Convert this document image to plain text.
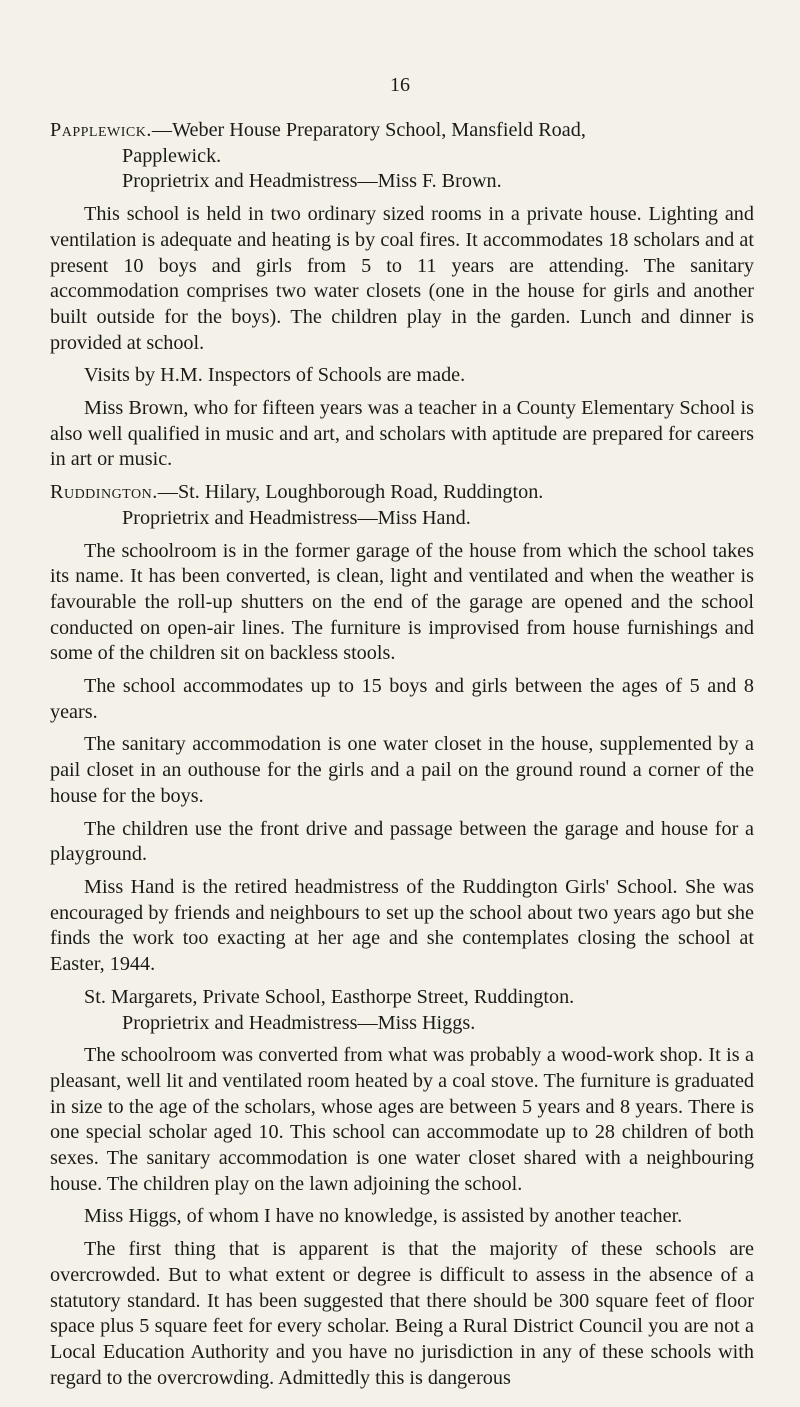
16

Papplewick.—Weber House Preparatory School, Mansfield Road,

Papplewick.
Proprietrix and Headmistress—Miss F. Brown.

This school is held in two ordinary sized rooms in a private house. Lighting and ventilation is adequate and heating is by coal fires. It accommodates 18 scholars and at present 10 boys and girls from 5 to 11 years are attending. The sanitary accommodation comprises two water closets (one in the house for girls and another built outside for the boys). The children play in the garden. Lunch and dinner is provided at school.

Visits by H.M. Inspectors of Schools are made.

Miss Brown, who for fifteen years was a teacher in a County Elementary School is also well qualified in music and art, and scholars with aptitude are prepared for careers in art or music.

Ruddington.—St. Hilary, Loughborough Road, Ruddington.

Proprietrix and Headmistress—Miss Hand.

The schoolroom is in the former garage of the house from which the school takes its name. It has been converted, is clean, light and ventilated and when the weather is favourable the roll-up shutters on the end of the garage are opened and the school conducted on open-air lines. The furniture is improvised from house furnishings and some of the children sit on backless stools.

The school accommodates up to 15 boys and girls between the ages of 5 and 8 years.

The sanitary accommodation is one water closet in the house, supplemented by a pail closet in an outhouse for the girls and a pail on the ground round a corner of the house for the boys.

The children use the front drive and passage between the garage and house for a playground.

Miss Hand is the retired headmistress of the Ruddington Girls' School. She was encouraged by friends and neighbours to set up the school about two years ago but she finds the work too exacting at her age and she contemplates closing the school at Easter, 1944.

St. Margarets, Private School, Easthorpe Street, Ruddington.

Proprietrix and Headmistress—Miss Higgs.

The schoolroom was converted from what was probably a wood-work shop. It is a pleasant, well lit and ventilated room heated by a coal stove. The furniture is graduated in size to the age of the scholars, whose ages are between 5 years and 8 years. There is one special scholar aged 10. This school can accommodate up to 28 children of both sexes. The sanitary accommodation is one water closet shared with a neighbouring house. The children play on the lawn adjoining the school.

Miss Higgs, of whom I have no knowledge, is assisted by another teacher.

The first thing that is apparent is that the majority of these schools are overcrowded. But to what extent or degree is difficult to assess in the absence of a statutory standard. It has been suggested that there should be 300 square feet of floor space plus 5 square feet for every scholar. Being a Rural District Council you are not a Local Education Authority and you have no jurisdiction in any of these schools with regard to the overcrowding. Admittedly this is dangerous
